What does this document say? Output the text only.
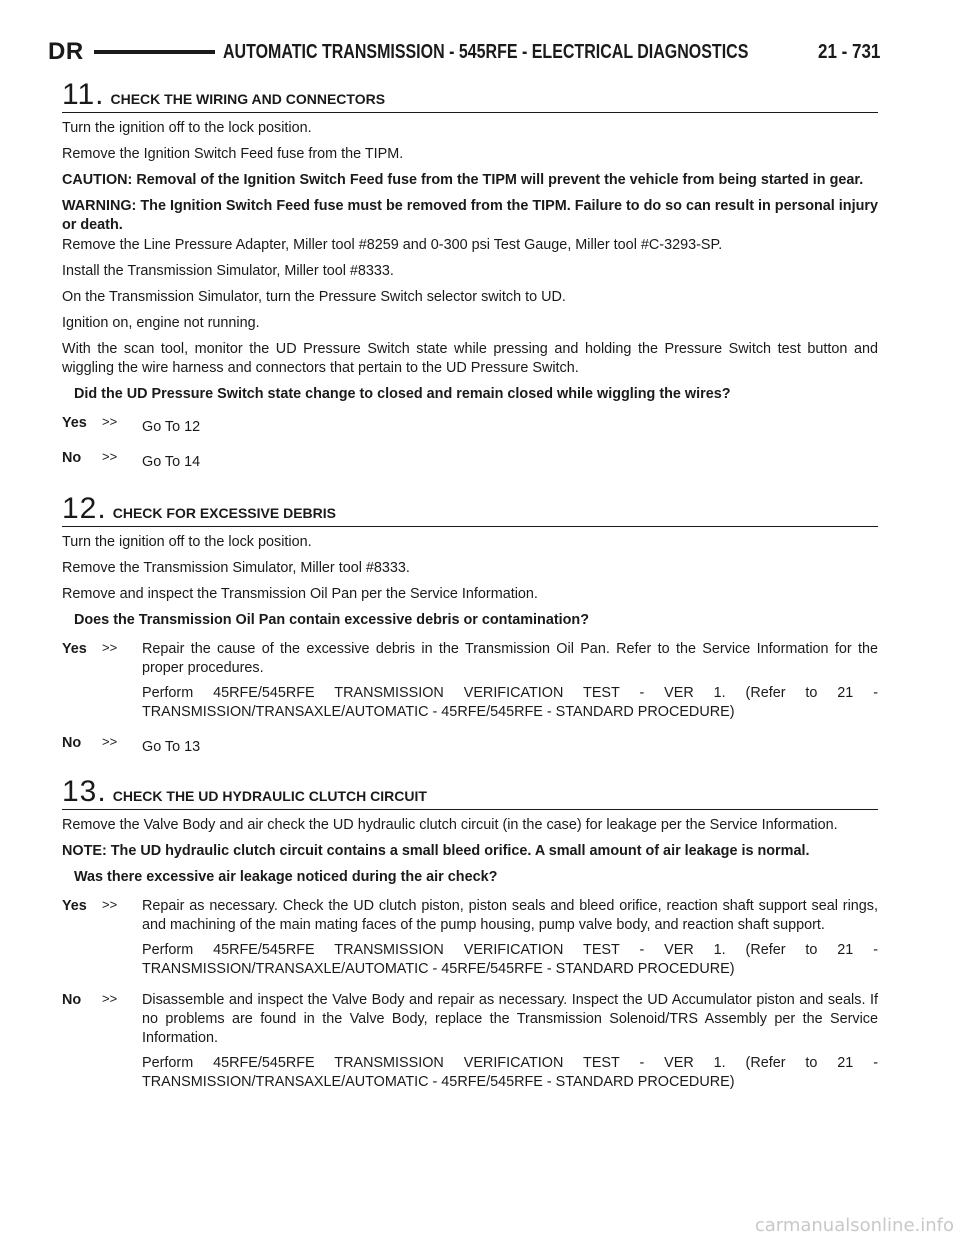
DR	AUTOMATIC TRANSMISSION - 545RFE - ELECTRICAL DIAGNOSTICS	21 - 731
11. CHECK THE WIRING AND CONNECTORS

Turn the ignition off to the lock position.

Remove the Ignition Switch Feed fuse from the TIPM.

CAUTION: Removal of the Ignition Switch Feed fuse from the TIPM will prevent the vehicle from being started in gear.

WARNING: The Ignition Switch Feed fuse must be removed from the TIPM. Failure to do so can result in personal injury or death.

Remove the Line Pressure Adapter, Miller tool #8259 and 0-300 psi Test Gauge, Miller tool #C-3293-SP.

Install the Transmission Simulator, Miller tool #8333.

On the Transmission Simulator, turn the Pressure Switch selector switch to UD.

Ignition on, engine not running.

With the scan tool, monitor the UD Pressure Switch state while pressing and holding the Pressure Switch test button and wiggling the wire harness and connectors that pertain to the UD Pressure Switch.

Did the UD Pressure Switch state change to closed and remain closed while wiggling the wires?

Yes	>>	Go To 12

No	>>	Go To 14

12. CHECK FOR EXCESSIVE DEBRIS

Turn the ignition off to the lock position.

Remove the Transmission Simulator, Miller tool #8333.

Remove and inspect the Transmission Oil Pan per the Service Information.

Does the Transmission Oil Pan contain excessive debris or contamination?

Yes	>>	Repair the cause of the excessive debris in the Transmission Oil Pan. Refer to the Service Information for the proper procedures.

Perform 45RFE/545RFE TRANSMISSION VERIFICATION TEST - VER 1. (Refer to 21 - TRANSMISSION/TRANSAXLE/AUTOMATIC - 45RFE/545RFE - STANDARD PROCEDURE)

No	>>	Go To 13

13. CHECK THE UD HYDRAULIC CLUTCH CIRCUIT

Remove the Valve Body and air check the UD hydraulic clutch circuit (in the case) for leakage per the Service Information.

NOTE: The UD hydraulic clutch circuit contains a small bleed orifice. A small amount of air leakage is normal.

Was there excessive air leakage noticed during the air check?

Yes	>>	Repair as necessary. Check the UD clutch piston, piston seals and bleed orifice, reaction shaft support seal rings, and machining of the main mating faces of the pump housing, pump valve body, and reaction shaft support.

Perform 45RFE/545RFE TRANSMISSION VERIFICATION TEST - VER 1. (Refer to 21 - TRANSMISSION/TRANSAXLE/AUTOMATIC - 45RFE/545RFE - STANDARD PROCEDURE)

No	>>	Disassemble and inspect the Valve Body and repair as necessary. Inspect the UD Accumulator piston and seals. If no problems are found in the Valve Body, replace the Transmission Solenoid/TRS Assembly per the Service Information.

Perform 45RFE/545RFE TRANSMISSION VERIFICATION TEST - VER 1. (Refer to 21 - TRANSMISSION/TRANSAXLE/AUTOMATIC - 45RFE/545RFE - STANDARD PROCEDURE)

carmanualsonline.info
